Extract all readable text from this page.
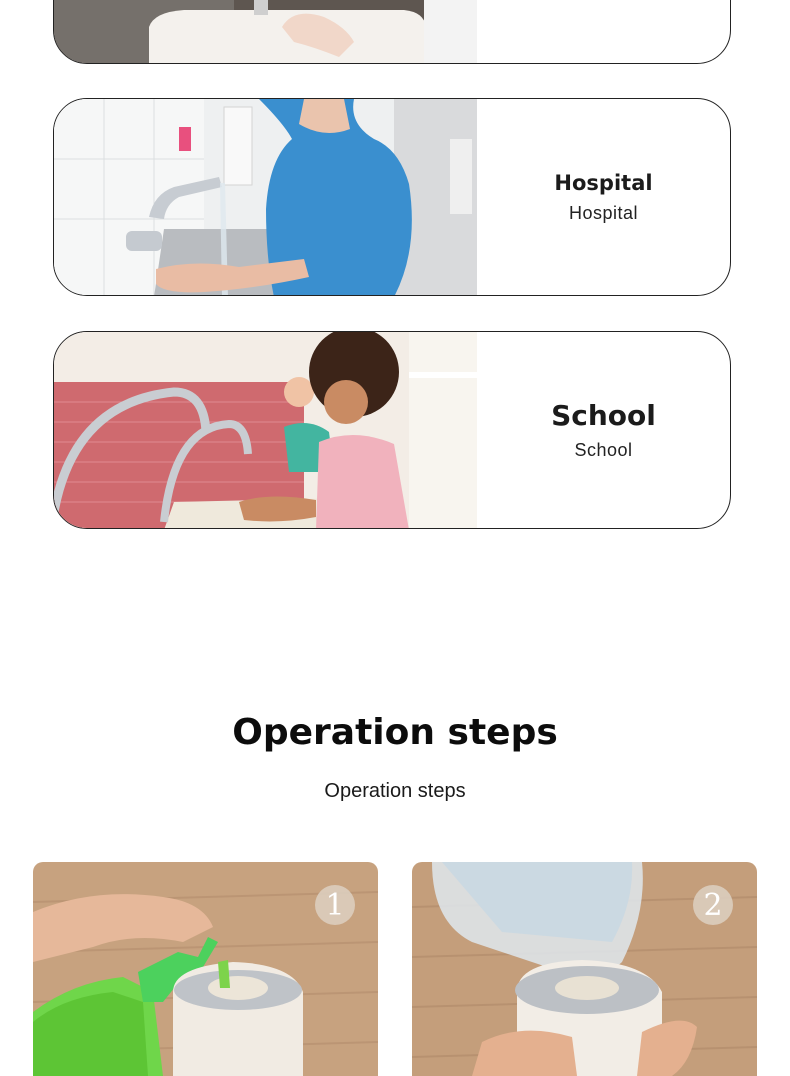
Hospital
Hospital
School
School
Operation steps
Operation steps
1	2
